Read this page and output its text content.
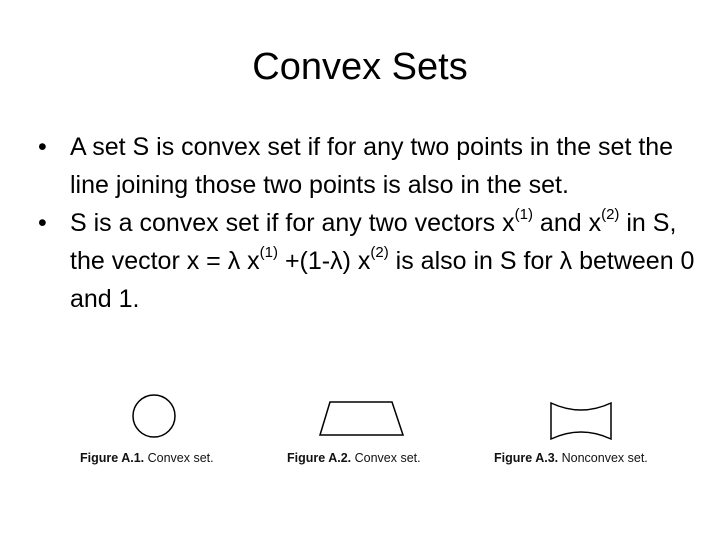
Convex Sets
• A set S is convex set if for any two points in the set the line joining those two points is also in the set.
• S is a convex set if for any two vectors $x^{(1)}$ and $x^{(2)}$ in S, the vector x = λ $x^{(1)} +(1-\lambda)$ $x^{(2)}$ is also in S for λ between 0 and 1.
Figure A.1. Convex set.	Figure A.2. Convex set.	Figure A.3. Nonconvex set.
